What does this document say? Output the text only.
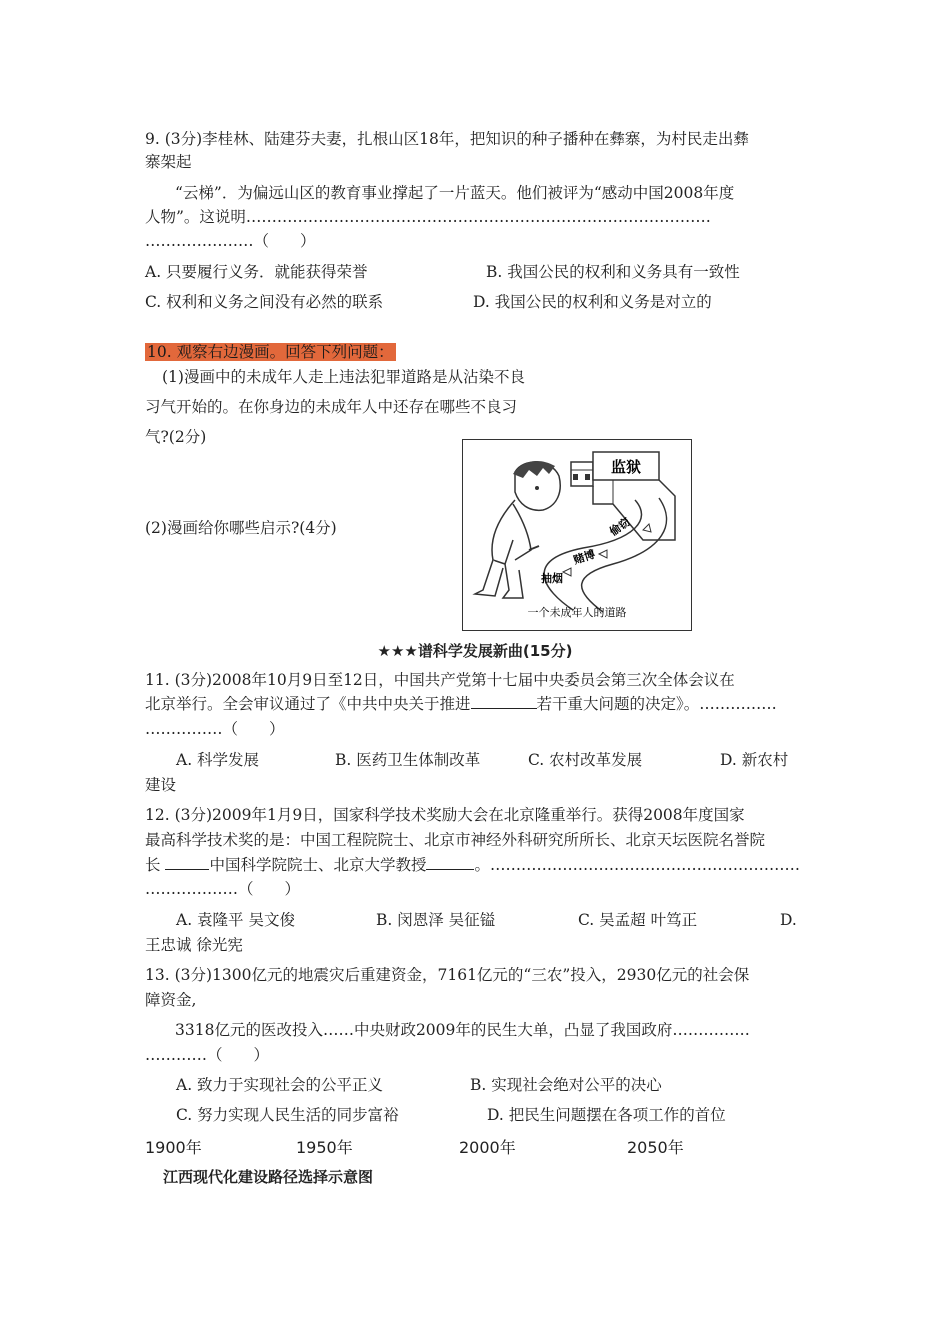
9. (3分)李桂林、陆建芬夫妻，扎根山区18年，把知识的种子播种在彝寨，为村民走出彝
寨架起
“云梯”．为偏远山区的教育事业撑起了一片蓝天。他们被评为“感动中国2008年度
人物”。这说明………………………………………………………………………………
…………………（　　）
A. 只要履行义务．就能获得荣誉	B. 我国公民的权利和义务具有一致性
C. 权利和义务之间没有必然的联系	D. 我国公民的权利和义务是对立的
10. 观察右边漫画。回答下列问题：
(1)漫画中的未成年人走上违法犯罪道路是从沾染不良
习气开始的。在你身边的未成年人中还存在哪些不良习
气?(2分)
(2)漫画给你哪些启示?(4分)
监狱
抽烟
赌博
偷窃
一个未成年人的道路
★★★谱科学发展新曲(15分)
11. (3分)2008年10月9日至12日，中国共产党第十七届中央委员会第三次全体会议在
北京举行。全会审议通过了《中共中央关于推进	若干重大问题的决定》。……………
……………（　　）
A. 科学发展	B. 医药卫生体制改革	C. 农村改革发展	D. 新农村
建设
12. (3分)2009年1月9日，国家科学技术奖励大会在北京隆重举行。获得2008年度国家
最高科学技术奖的是：中国工程院院士、北京市神经外科研究所所长、北京天坛医院名誉院
长	中国科学院院士、北京大学教授	。……………………………………………………
………………（　　）
A. 袁隆平 吴文俊	B. 闵恩泽 吴征镒	C. 吴孟超 叶笃正	D.
王忠诚 徐光宪
13. (3分)1300亿元的地震灾后重建资金，7161亿元的“三农”投入，2930亿元的社会保
障资金,
3318亿元的医改投入……中央财政2009年的民生大单，凸显了我国政府……………
…………（　　）
A. 致力于实现社会的公平正义	B. 实现社会绝对公平的决心
C. 努力实现人民生活的同步富裕	D. 把民生问题摆在各项工作的首位
1900年	1950年	2000年	2050年
江西现代化建设路径选择示意图
